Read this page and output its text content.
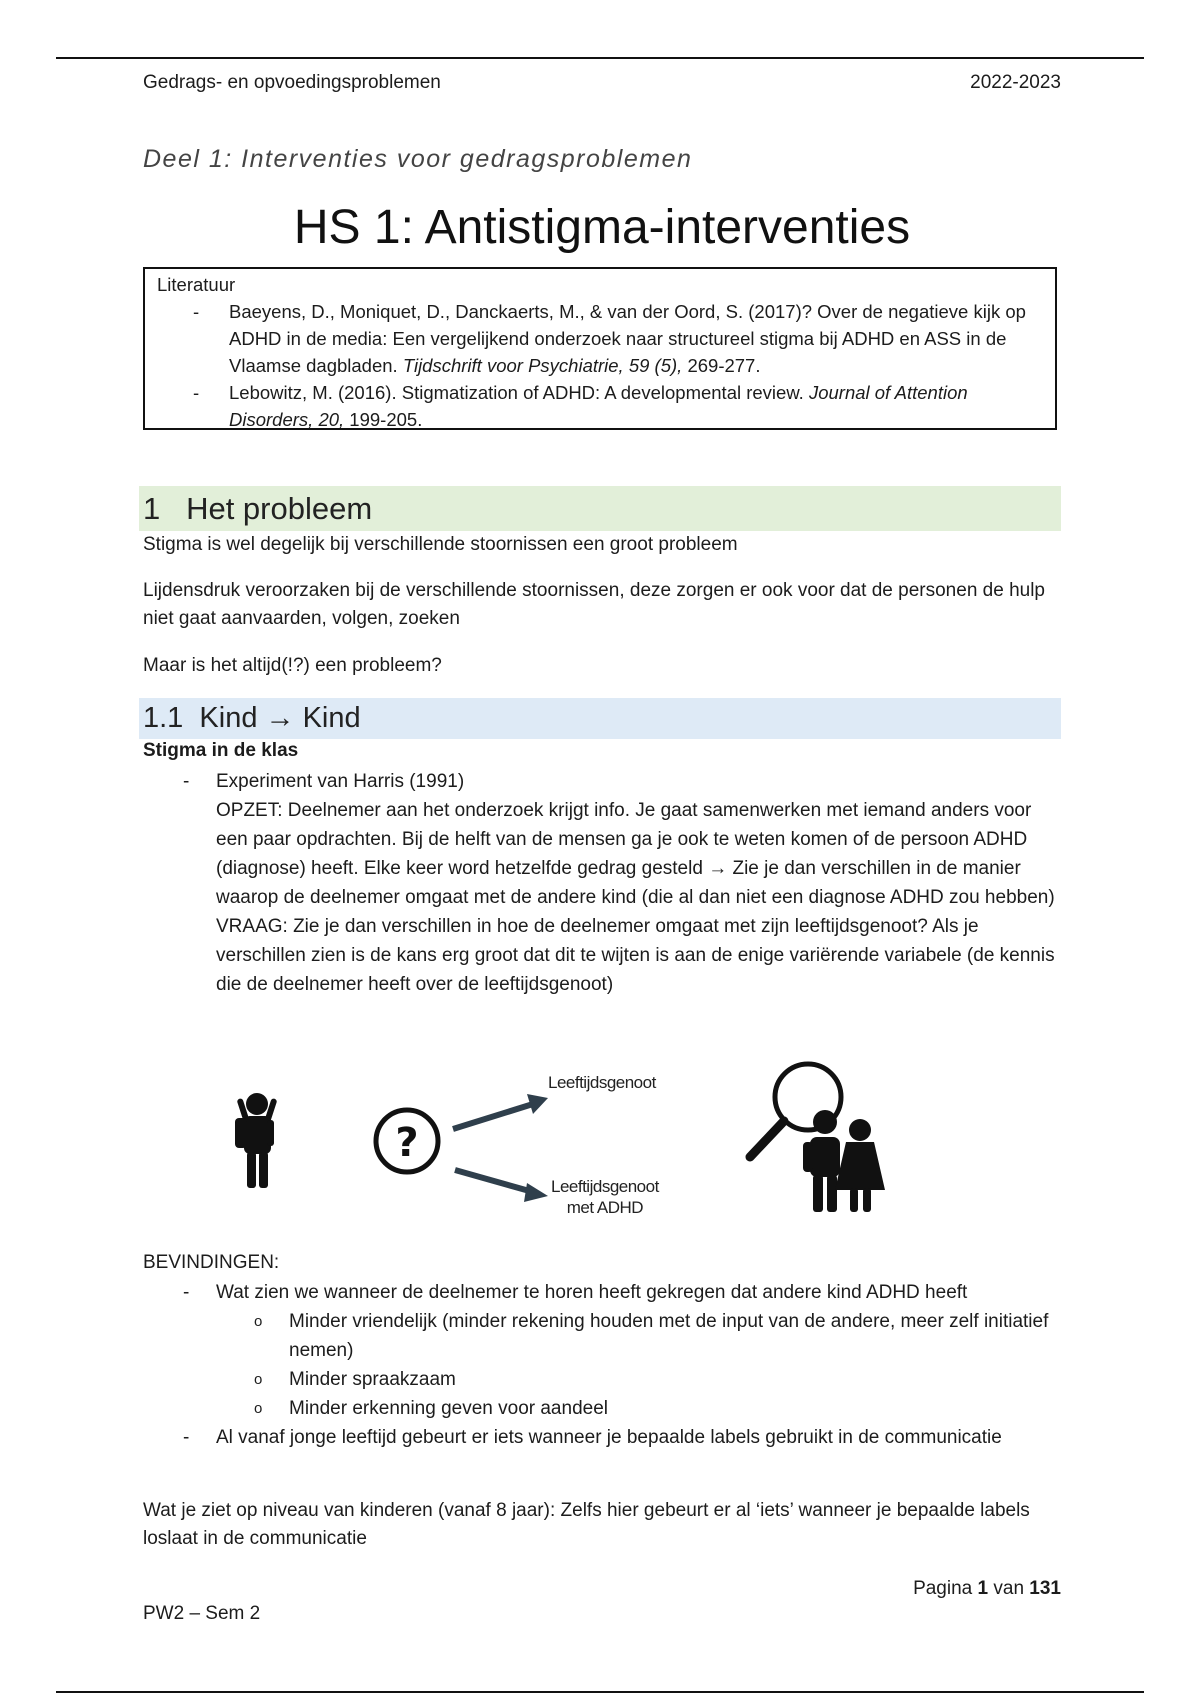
Gedrags- en opvoedingsproblemen	2022-2023
Deel 1: Interventies voor gedragsproblemen
HS 1: Antistigma-interventies
Literatuur
- Baeyens, D., Moniquet, D., Danckaerts, M., & van der Oord, S. (2017)? Over de negatieve kijk op ADHD in de media: Een vergelijkend onderzoek naar structureel stigma bij ADHD en ASS in de Vlaamse dagbladen. Tijdschrift voor Psychiatrie, 59 (5), 269-277.
- Lebowitz, M. (2016). Stigmatization of ADHD: A developmental review. Journal of Attention Disorders, 20, 199-205.
1   Het probleem
Stigma is wel degelijk bij verschillende stoornissen een groot probleem
Lijdensdruk veroorzaken bij de verschillende stoornissen, deze zorgen er ook voor dat de personen de hulp niet gaat aanvaarden, volgen, zoeken
Maar is het altijd(!?) een probleem?
1.1  Kind → Kind
Stigma in de klas
- Experiment van Harris (1991)
OPZET: Deelnemer aan het onderzoek krijgt info. Je gaat samenwerken met iemand anders voor een paar opdrachten. Bij de helft van de mensen ga je ook te weten komen of de persoon ADHD (diagnose) heeft. Elke keer word hetzelfde gedrag gesteld → Zie je dan verschillen in de manier waarop de deelnemer omgaat met de andere kind (die al dan niet een diagnose ADHD zou hebben)
VRAAG: Zie je dan verschillen in hoe de deelnemer omgaat met zijn leeftijdsgenoot? Als je verschillen zien is de kans erg groot dat dit te wijten is aan de enige variërende variabele (de kennis die de deelnemer heeft over de leeftijdsgenoot)
?
Leeftijdsgenoot
Leeftijdsgenoot
met ADHD
BEVINDINGEN:
- Wat zien we wanneer de deelnemer te horen heeft gekregen dat andere kind ADHD heeft
o Minder vriendelijk (minder rekening houden met de input van de andere, meer zelf initiatief nemen)
o Minder spraakzaam
o Minder erkenning geven voor aandeel
- Al vanaf jonge leeftijd gebeurt er iets wanneer je bepaalde labels gebruikt in de communicatie
Wat je ziet op niveau van kinderen (vanaf 8 jaar): Zelfs hier gebeurt er al ‘iets’ wanneer je bepaalde labels loslaat in de communicatie
Pagina 1 van 131
PW2 – Sem 2
